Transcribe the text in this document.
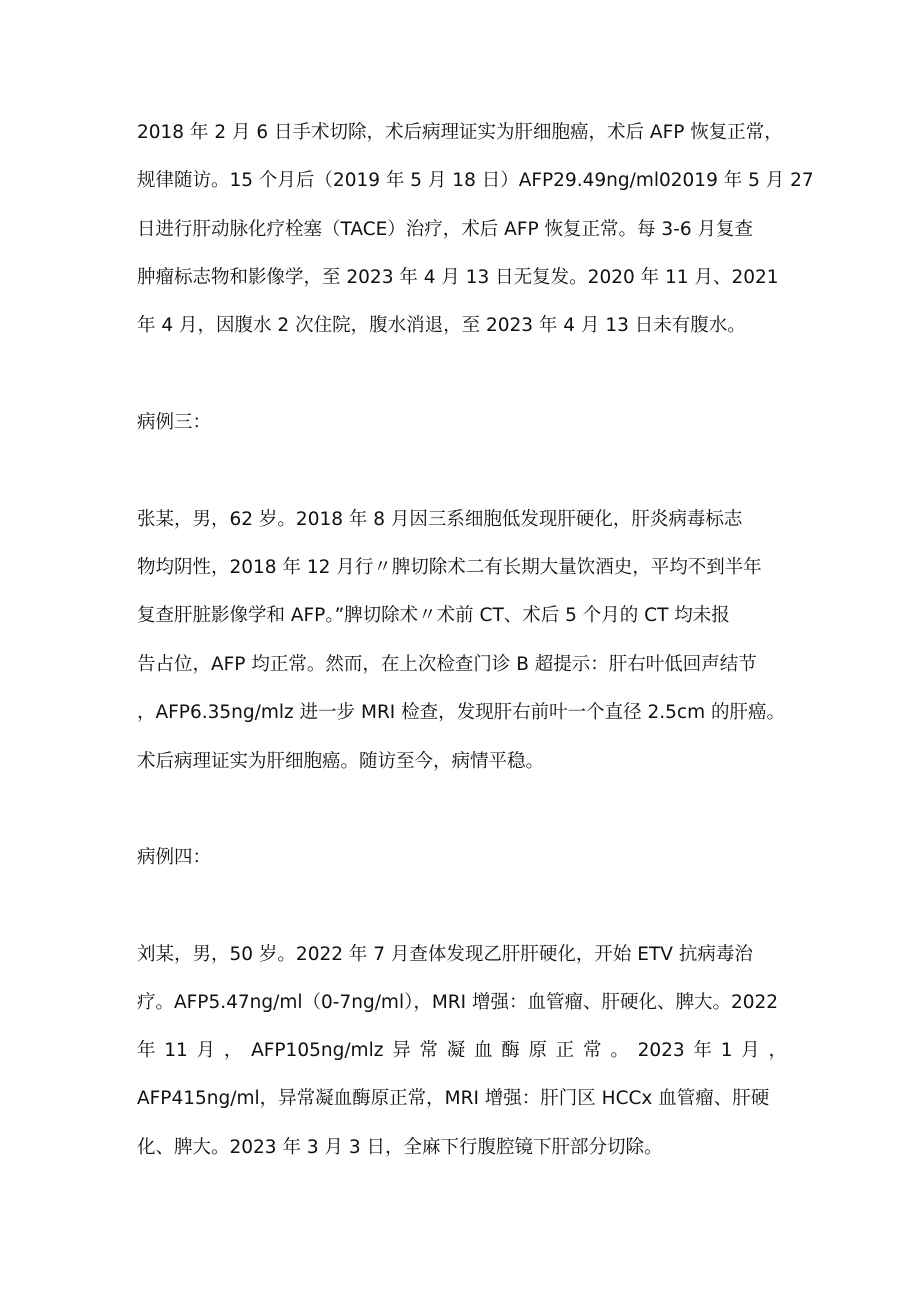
2018 年 2 月 6 日手术切除，术后病理证实为肝细胞癌，术后 AFP 恢复正常，
规律随访。15 个月后（2019 年 5 月 18 日）AFP29.49ng/ml02019 年 5 月 27
日进行肝动脉化疗栓塞（TACE）治疗，术后 AFP 恢复正常。每 3-6 月复查
肿瘤标志物和影像学，至 2023 年 4 月 13 日无复发。2020 年 11 月、2021
年 4 月，因腹水 2 次住院，腹水消退，至 2023 年 4 月 13 日未有腹水。
病例三：
张某，男，62 岁。2018 年 8 月因三系细胞低发现肝硬化，肝炎病毒标志
物均阴性，2018 年 12 月行〃脾切除术二有长期大量饮酒史，平均不到半年
复查肝脏影像学和 AFP。”脾切除术〃术前 CT、术后 5 个月的 CT 均未报
告占位，AFP 均正常。然而，在上次检查门诊 B 超提示：肝右叶低回声结节
，AFP6.35ng/mlz 进一步 MRI 检查，发现肝右前叶一个直径 2.5cm 的肝癌。
术后病理证实为肝细胞癌。随访至今，病情平稳。
病例四：
刘某，男，50 岁。2022 年 7 月查体发现乙肝肝硬化，开始 ETV 抗病毒治
疗。AFP5.47ng/ml（0-7ng/ml），MRI 增强：血管瘤、肝硬化、脾大。2022
年 11 月 ， AFP105ng/mlz 异 常 凝 血 酶 原 正 常 。 2023 年 1 月 ，
AFP415ng/ml，异常凝血酶原正常，MRI 增强：肝门区 HCCx 血管瘤、肝硬
化、脾大。2023 年 3 月 3 日，全麻下行腹腔镜下肝部分切除。
